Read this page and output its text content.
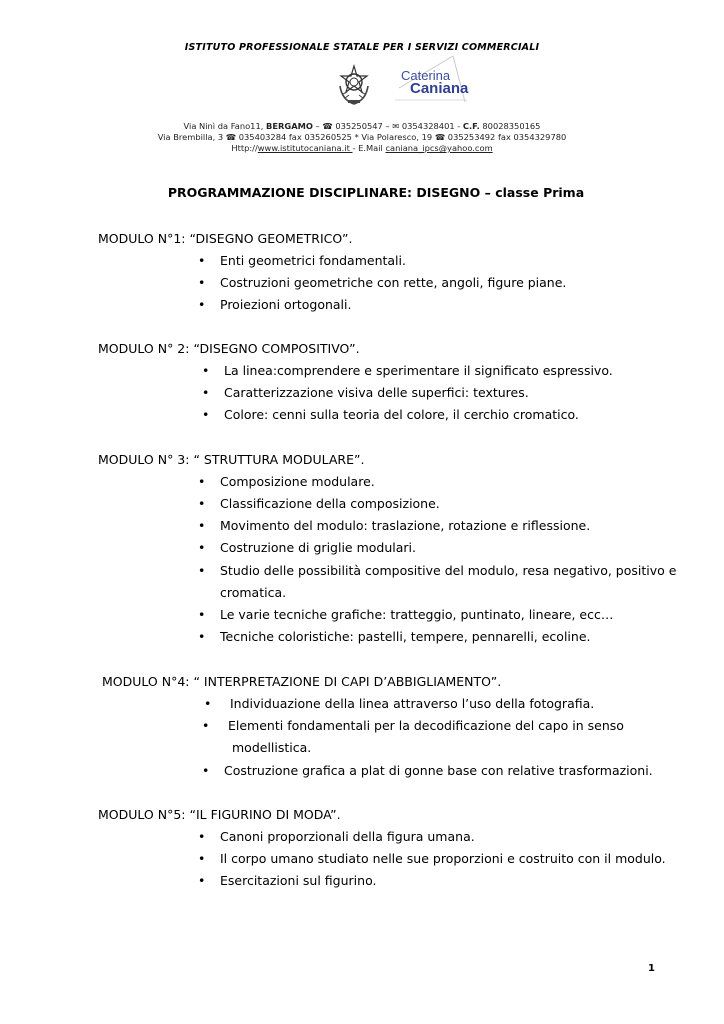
ISTITUTO PROFESSIONALE STATALE PER I SERVIZI COMMERCIALI
Caterina
Caniana
Via Ninì da Fano11, BERGAMO – ☎ 035250547 – ✉ 0354328401 - C.F. 80028350165
Via Brembilla, 3 ☎ 035403284 fax 035260525 * Via Polaresco, 19 ☎ 035253492 fax 0354329780
Http://www.istitutocaniana.it - E.Mail caniana_ipcs@yahoo.com
PROGRAMMAZIONE DISCIPLINARE: DISEGNO – classe Prima
MODULO N°1: “DISEGNO GEOMETRICO”.
• Enti geometrici fondamentali.
• Costruzioni geometriche con rette, angoli, figure piane.
• Proiezioni ortogonali.
MODULO N° 2: “DISEGNO COMPOSITIVO”.
• La linea:comprendere e sperimentare il significato espressivo.
• Caratterizzazione visiva delle superfici: textures.
• Colore: cenni sulla teoria del colore, il cerchio cromatico.
MODULO N° 3: “ STRUTTURA MODULARE”.
• Composizione modulare.
• Classificazione della composizione.
• Movimento del modulo: traslazione, rotazione e riflessione.
• Costruzione di griglie modulari.
• Studio delle possibilità compositive del modulo, resa negativo, positivo e
cromatica.
• Le varie tecniche grafiche: tratteggio, puntinato, lineare, ecc…
• Tecniche coloristiche: pastelli, tempere, pennarelli, ecoline.
MODULO N°4: “ INTERPRETAZIONE DI CAPI D’ABBIGLIAMENTO”.
• Individuazione della linea attraverso l’uso della fotografia.
• Elementi fondamentali per la decodificazione del capo in senso
modellistica.
• Costruzione grafica a plat di gonne base con relative trasformazioni.
MODULO N°5: “IL FIGURINO DI MODA”.
• Canoni proporzionali della figura umana.
• Il corpo umano studiato nelle sue proporzioni e costruito con il modulo.
• Esercitazioni sul figurino.
1
